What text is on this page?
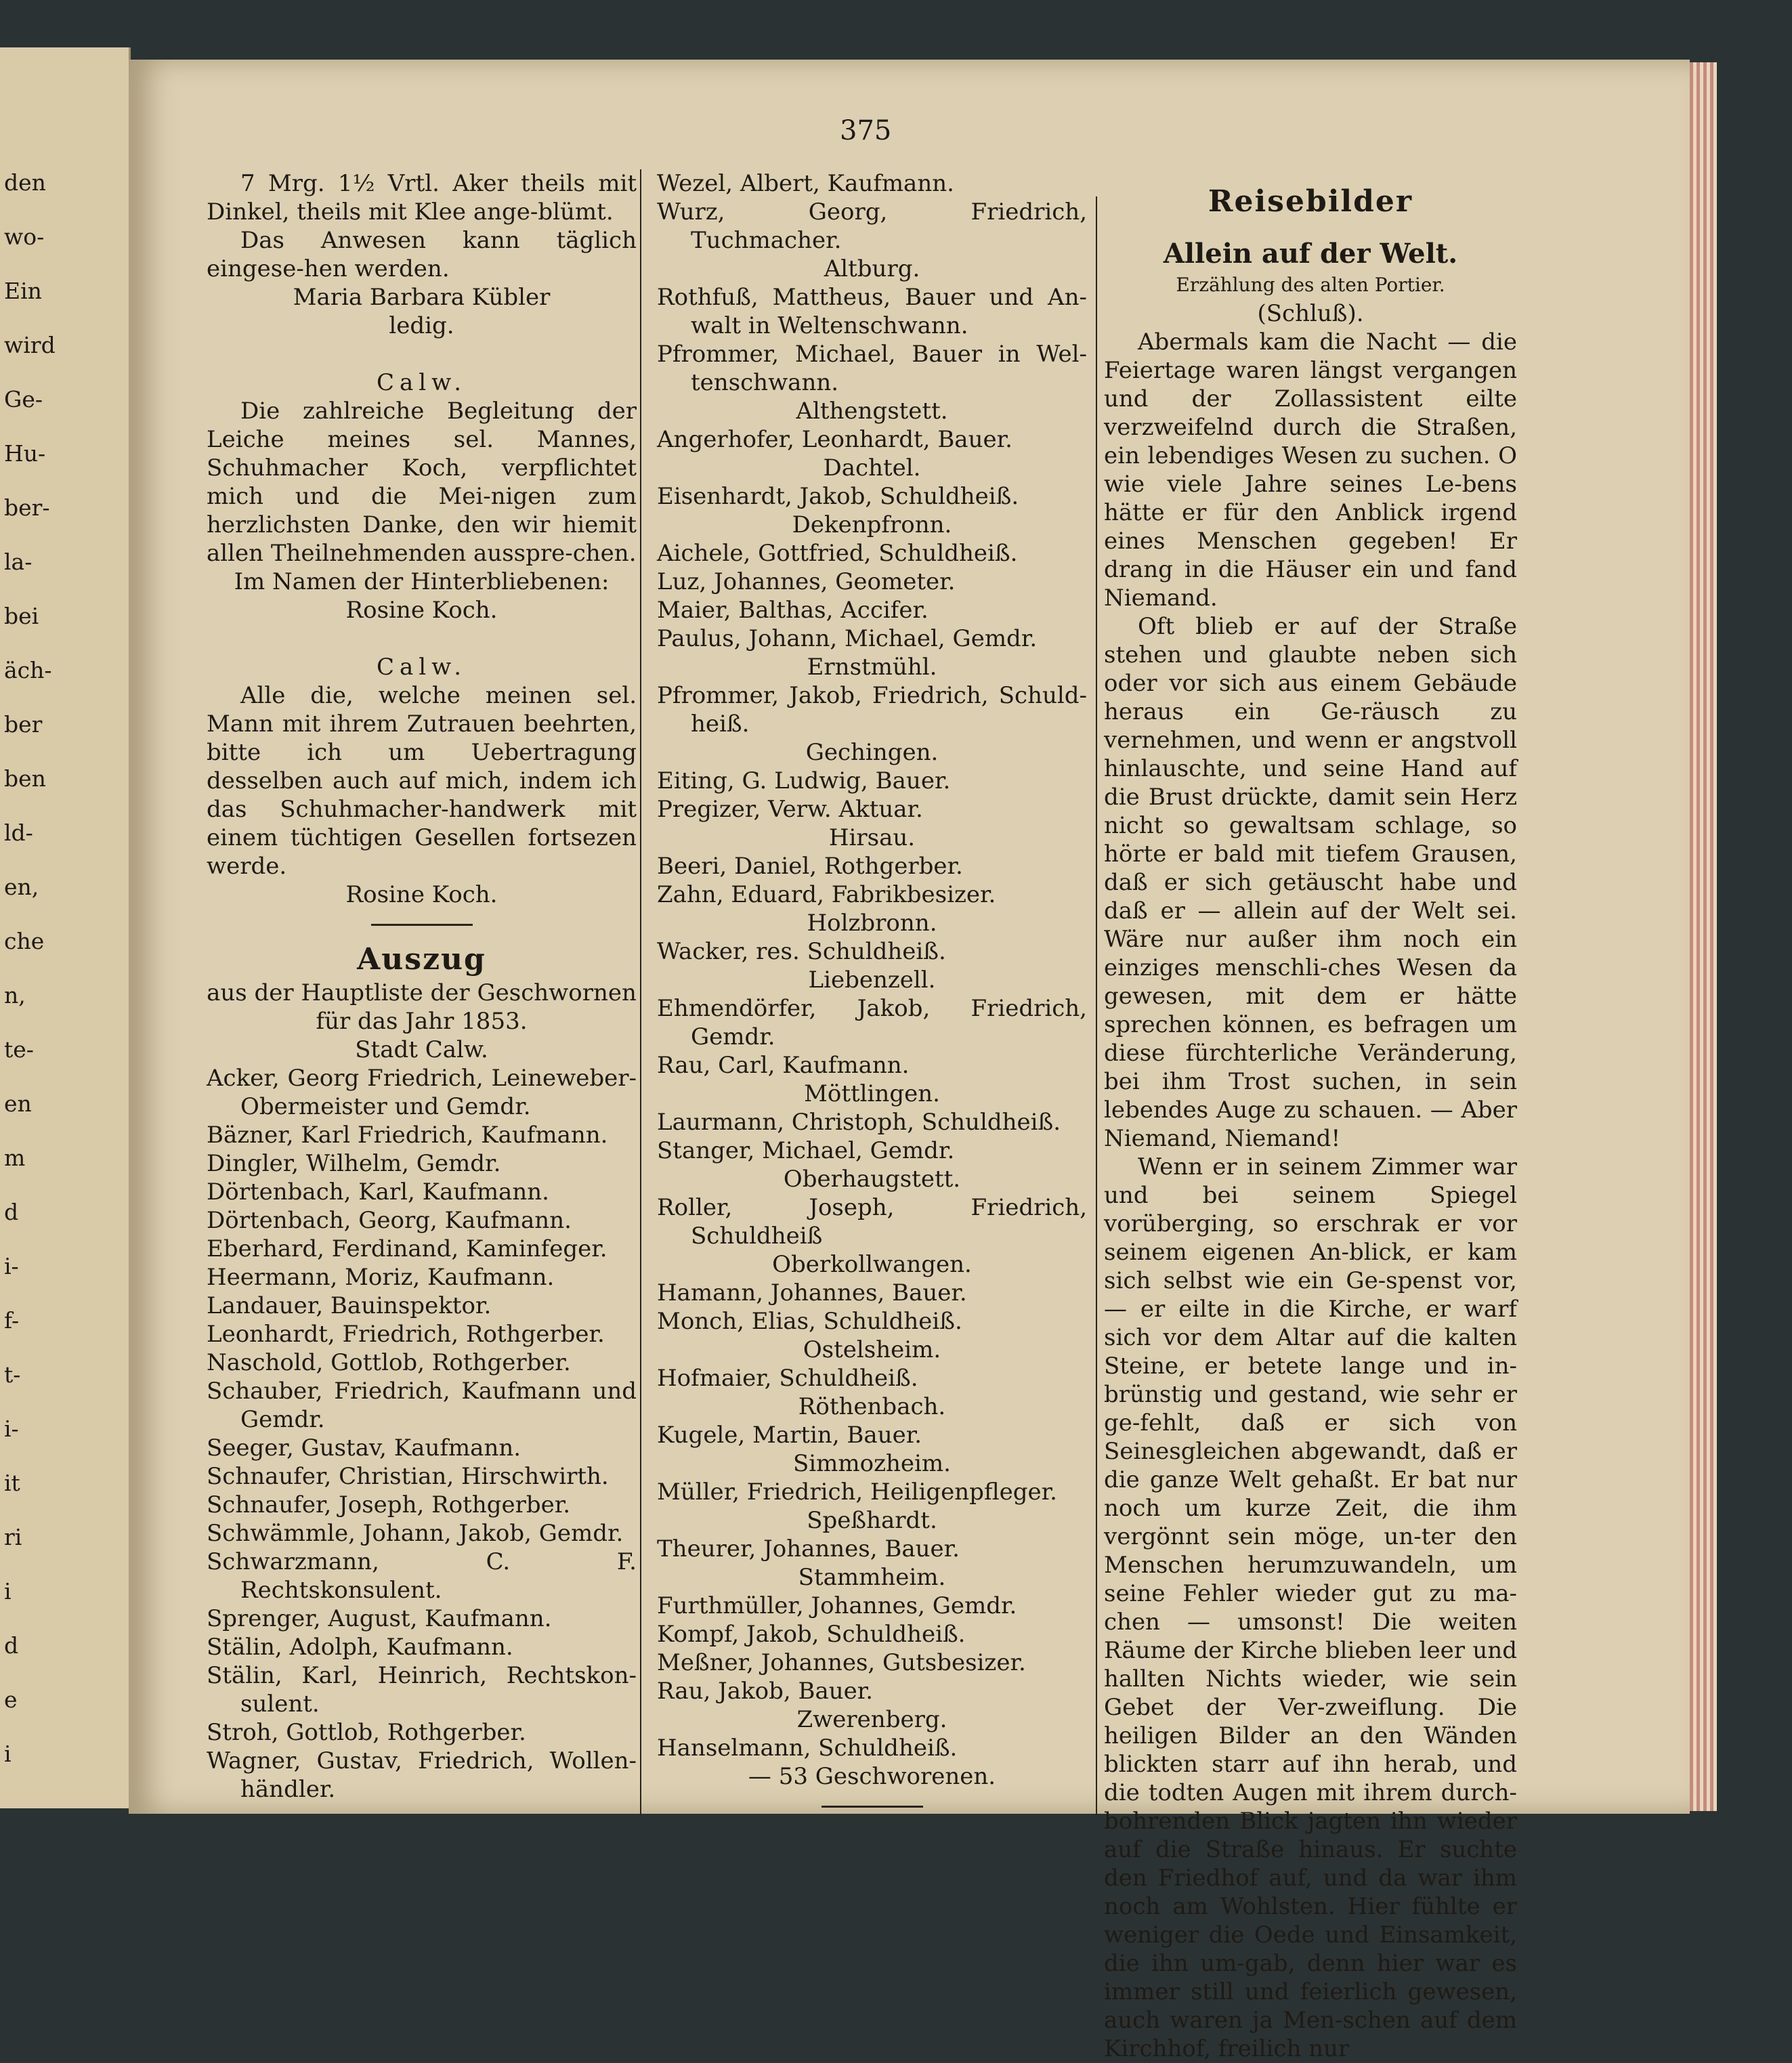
den
wo-
Ein
wird
Ge-
Hu-
ber-
la-
bei
äch-
ber
ben
ld-
en,
che
n,
te-
en
m
d
i-
f-
t-
i-
it
ri
i
d
e
i
375

7 Mrg. 1½ Vrtl. Aker theils mit Dinkel, theils mit Klee ange-blümt.

Das Anwesen kann täglich eingese-hen werden.

Maria Barbara Kübler

ledig.

Calw.

Die zahlreiche Begleitung der Leiche meines sel. Mannes, Schuhmacher Koch, verpflichtet mich und die Mei-nigen zum herzlichsten Danke, den wir hiemit allen Theilnehmenden ausspre-chen.

Im Namen der Hinterbliebenen:

Rosine Koch.

Calw.

Alle die, welche meinen sel. Mann mit ihrem Zutrauen beehrten, bitte ich um Uebertragung desselben auch auf mich, indem ich das Schuhmacher-handwerk mit einem tüchtigen Gesellen fortsezen werde.

Rosine Koch.

Auszug

aus der Hauptliste der Geschwornen

für das Jahr 1853.

Stadt Calw.

Acker, Georg Friedrich, Leineweber-Obermeister und Gemdr.

Bäzner, Karl Friedrich, Kaufmann.

Dingler, Wilhelm, Gemdr.

Dörtenbach, Karl, Kaufmann.

Dörtenbach, Georg, Kaufmann.

Eberhard, Ferdinand, Kaminfeger.

Heermann, Moriz, Kaufmann.

Landauer, Bauinspektor.

Leonhardt, Friedrich, Rothgerber.

Naschold, Gottlob, Rothgerber.

Schauber, Friedrich, Kaufmann und Gemdr.

Seeger, Gustav, Kaufmann.

Schnaufer, Christian, Hirschwirth.

Schnaufer, Joseph, Rothgerber.

Schwämmle, Johann, Jakob, Gemdr.

Schwarzmann, C. F. Rechtskonsulent.

Sprenger, August, Kaufmann.

Stälin, Adolph, Kaufmann.

Stälin, Karl, Heinrich, Rechtskon-sulent.

Stroh, Gottlob, Rothgerber.

Wagner, Gustav, Friedrich, Wollen-händler.

Wezel, Albert, Kaufmann.

Wurz, Georg, Friedrich, Tuchmacher.

Altburg.

Rothfuß, Mattheus, Bauer und An-walt in Weltenschwann.

Pfrommer, Michael, Bauer in Wel-tenschwann.

Althengstett.

Angerhofer, Leonhardt, Bauer.

Dachtel.

Eisenhardt, Jakob, Schuldheiß.

Dekenpfronn.

Aichele, Gottfried, Schuldheiß.

Luz, Johannes, Geometer.

Maier, Balthas, Accifer.

Paulus, Johann, Michael, Gemdr.

Ernstmühl.

Pfrommer, Jakob, Friedrich, Schuld-heiß.

Gechingen.

Eiting, G. Ludwig, Bauer.

Pregizer, Verw. Aktuar.

Hirsau.

Beeri, Daniel, Rothgerber.

Zahn, Eduard, Fabrikbesizer.

Holzbronn.

Wacker, res. Schuldheiß.

Liebenzell.

Ehmendörfer, Jakob, Friedrich, Gemdr.

Rau, Carl, Kaufmann.

Möttlingen.

Laurmann, Christoph, Schuldheiß.

Stanger, Michael, Gemdr.

Oberhaugstett.

Roller, Joseph, Friedrich, Schuldheiß

Oberkollwangen.

Hamann, Johannes, Bauer.

Monch, Elias, Schuldheiß.

Ostelsheim.

Hofmaier, Schuldheiß.

Röthenbach.

Kugele, Martin, Bauer.

Simmozheim.

Müller, Friedrich, Heiligenpfleger.

Speßhardt.

Theurer, Johannes, Bauer.

Stammheim.

Furthmüller, Johannes, Gemdr.

Kompf, Jakob, Schuldheiß.

Meßner, Johannes, Gutsbesizer.

Rau, Jakob, Bauer.

Zwerenberg.

Hanselmann, Schuldheiß.

— 53 Geschworenen.

Reisebilder
Allein auf der Welt.

Erzählung des alten Portier.

(Schluß).

Abermals kam die Nacht — die Feiertage waren längst vergangen und der Zollassistent eilte verzweifelnd durch die Straßen, ein lebendiges Wesen zu suchen. O wie viele Jahre seines Le-bens hätte er für den Anblick irgend eines Menschen gegeben! Er drang in die Häuser ein und fand Niemand.

Oft blieb er auf der Straße stehen und glaubte neben sich oder vor sich aus einem Gebäude heraus ein Ge-räusch zu vernehmen, und wenn er angstvoll hinlauschte, und seine Hand auf die Brust drückte, damit sein Herz nicht so gewaltsam schlage, so hörte er bald mit tiefem Grausen, daß er sich getäuscht habe und daß er — allein auf der Welt sei. Wäre nur außer ihm noch ein einziges menschli-ches Wesen da gewesen, mit dem er hätte sprechen können, es befragen um diese fürchterliche Veränderung, bei ihm Trost suchen, in sein lebendes Auge zu schauen. — Aber Niemand, Niemand!

Wenn er in seinem Zimmer war und bei seinem Spiegel vorüberging, so erschrak er vor seinem eigenen An-blick, er kam sich selbst wie ein Ge-spenst vor, — er eilte in die Kirche, er warf sich vor dem Altar auf die kalten Steine, er betete lange und in-brünstig und gestand, wie sehr er ge-fehlt, daß er sich von Seinesgleichen abgewandt, daß er die ganze Welt gehaßt. Er bat nur noch um kurze Zeit, die ihm vergönnt sein möge, un-ter den Menschen herumzuwandeln, um seine Fehler wieder gut zu ma-chen — umsonst! Die weiten Räume der Kirche blieben leer und hallten Nichts wieder, wie sein Gebet der Ver-zweiflung. Die heiligen Bilder an den Wänden blickten starr auf ihn herab, und die todten Augen mit ihrem durch-bohrenden Blick jagten ihn wieder auf die Straße hinaus. Er suchte den Friedhof auf, und da war ihm noch am Wohlsten. Hier fühlte er weniger die Oede und Einsamkeit, die ihn um-gab, denn hier war es immer still und feierlich gewesen, auch waren ja Men-schen auf dem Kirchhof, freilich nur
